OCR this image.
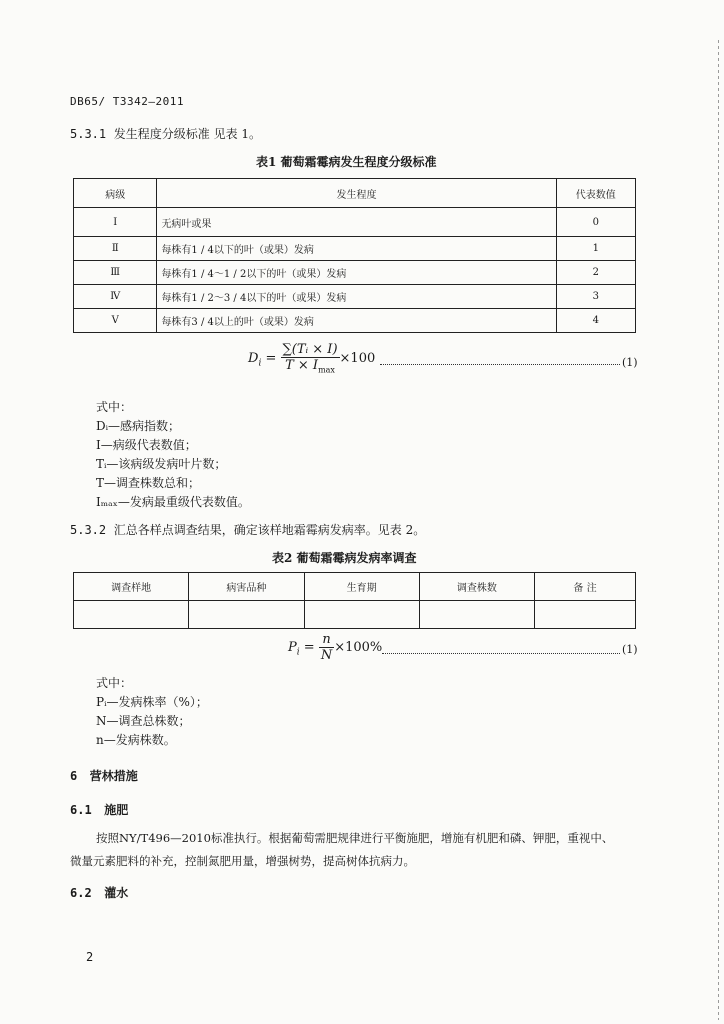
DB65/ T3342—2011
5.3.1 发生程度分级标准 见表 1。
表1 葡萄霜霉病发生程度分级标准
病级	发生程度	代表数值
Ⅰ	无病叶或果	0
Ⅱ	每株有1 / 4以下的叶（或果）发病	1
Ⅲ	每株有1 / 4～1 / 2以下的叶（或果）发病	2
Ⅳ	每株有1 / 2～3 / 4以下的叶（或果）发病	3
Ⅴ	每株有3 / 4以上的叶（或果）发病	4
$D_i = \frac{\text{∑(Tᵢ × I)}}{T \times I_{max}} \times 100$	(1)
式中：
Dᵢ—感病指数；
I—病级代表数值；
Tᵢ—该病级发病叶片数；
T—调查株数总和；
Iₘₐₓ—发病最重级代表数值。
5.3.2 汇总各样点调查结果，确定该样地霜霉病发病率。见表 2。
表2 葡萄霜霉病发病率调查
调查样地	病害品种	生育期	调查株数	备 注

$P_i = \frac{n}{N} \times 100\%$	(1)
式中：
Pᵢ—发病株率（%）；
N—调查总株数；
n—发病株数。
6 营林措施
6.1 施肥
按照NY/T496—2010标准执行。根据葡萄需肥规律进行平衡施肥，增施有机肥和磷、钾肥，重视中、
微量元素肥料的补充，控制氮肥用量，增强树势，提高树体抗病力。
6.2 灌水
2
